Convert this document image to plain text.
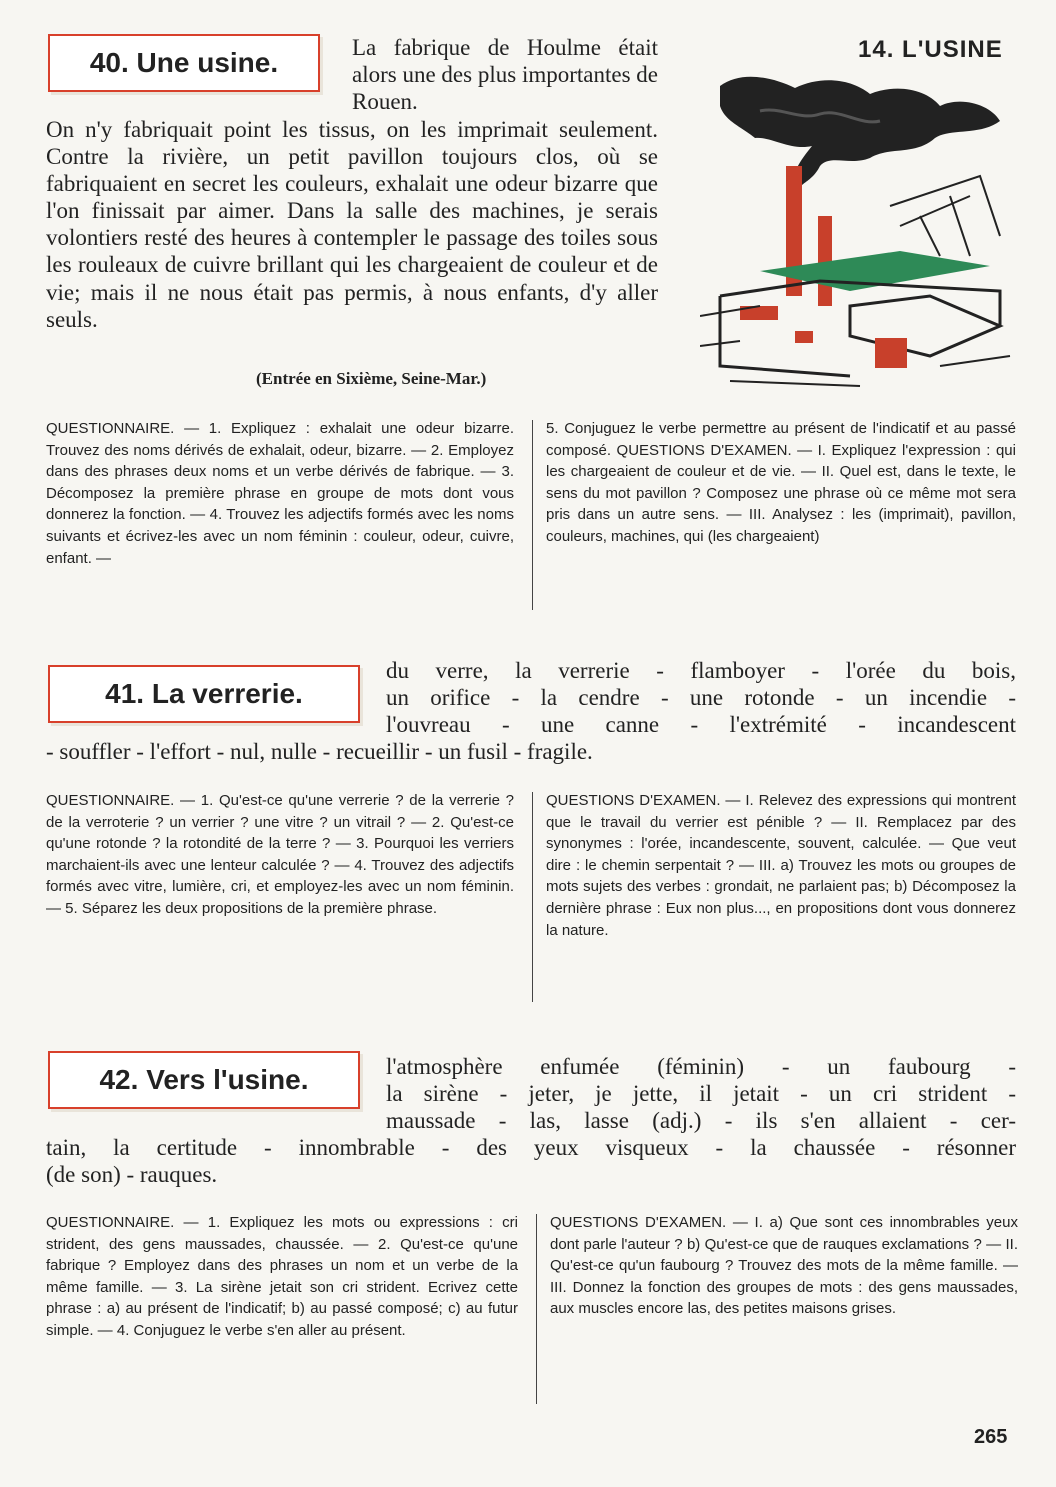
14. L'USINE
40. Une usine.	La fabrique de Houlme était alors une des plus importantes de Rouen.
On n'y fabriquait point les tissus, on les imprimait seulement. Contre la rivière, un petit pavillon toujours clos, où se fabriquaient en secret les couleurs, exhalait une odeur bizarre que l'on finissait par aimer. Dans la salle des machines, je serais volontiers resté des heures à contempler le passage des toiles sous les rouleaux de cuivre brillant qui les chargeaient de couleur et de vie; mais il ne nous était pas permis, à nous enfants, d'y aller seuls.
(Entrée en Sixième, Seine-Mar.)
QUESTIONNAIRE. — 1. Expliquez : exhalait une odeur bizarre. Trouvez des noms dérivés de exhalait, odeur, bizarre. — 2. Employez dans des phrases deux noms et un verbe dérivés de fabrique. — 3. Décomposez la première phrase en groupe de mots dont vous donnerez la fonction. — 4. Trouvez les adjectifs formés avec les noms suivants et écrivez-les avec un nom féminin : couleur, odeur, cuivre, enfant. —
5. Conjuguez le verbe permettre au présent de l'indicatif et au passé composé. QUESTIONS D'EXAMEN. — I. Expliquez l'expression : qui les chargeaient de couleur et de vie. — II. Quel est, dans le texte, le sens du mot pavillon ? Composez une phrase où ce même mot sera pris dans un autre sens. — III. Analysez : les (imprimait), pavillon, couleurs, machines, qui (les chargeaient)
41. La verrerie.
du verre, la verrerie - flamboyer - l'orée du bois,
un orifice - la cendre - une rotonde - un incendie -
l'ouvreau - une canne - l'extrémité - incandescent
- souffler - l'effort - nul, nulle - recueillir - un fusil - fragile.
QUESTIONNAIRE. — 1. Qu'est-ce qu'une verrerie ? de la verrerie ? de la verroterie ? un verrier ? une vitre ? un vitrail ? — 2. Qu'est-ce qu'une rotonde ? la rotondité de la terre ? — 3. Pourquoi les verriers marchaient-ils avec une lenteur calculée ? — 4. Trouvez des adjectifs formés avec vitre, lumière, cri, et employez-les avec un nom féminin. — 5. Séparez les deux propositions de la première phrase.
QUESTIONS D'EXAMEN. — I. Relevez des expressions qui montrent que le travail du verrier est pénible ? — II. Remplacez par des synonymes : l'orée, incandescente, souvent, calculée. — Que veut dire : le chemin serpentait ? — III. a) Trouvez les mots ou groupes de mots sujets des verbes : grondait, ne parlaient pas; b) Décomposez la dernière phrase : Eux non plus..., en propositions dont vous donnerez la nature.
42. Vers l'usine.	l'atmosphère enfumée (féminin) - un faubourg -
la sirène - jeter, je jette, il jetait - un cri strident -
maussade - las, lasse (adj.) - ils s'en allaient - cer-
tain, la certitude - innombrable - des yeux visqueux - la chaussée - résonner
(de son) - rauques.
QUESTIONNAIRE. — 1. Expliquez les mots ou expressions : cri strident, des gens maussades, chaussée. — 2. Qu'est-ce qu'une fabrique ? Employez dans des phrases un nom et un verbe de la même famille. — 3. La sirène jetait son cri strident. Ecrivez cette phrase : a) au présent de l'indicatif; b) au passé composé; c) au futur simple. — 4. Conjuguez le verbe s'en aller au présent.
QUESTIONS D'EXAMEN. — I. a) Que sont ces innombrables yeux dont parle l'auteur ? b) Qu'est-ce que de rauques exclamations ? — II. Qu'est-ce qu'un faubourg ? Trouvez des mots de la même famille. — III. Donnez la fonction des groupes de mots : des gens maussades, aux muscles encore las, des petites maisons grises.
265
